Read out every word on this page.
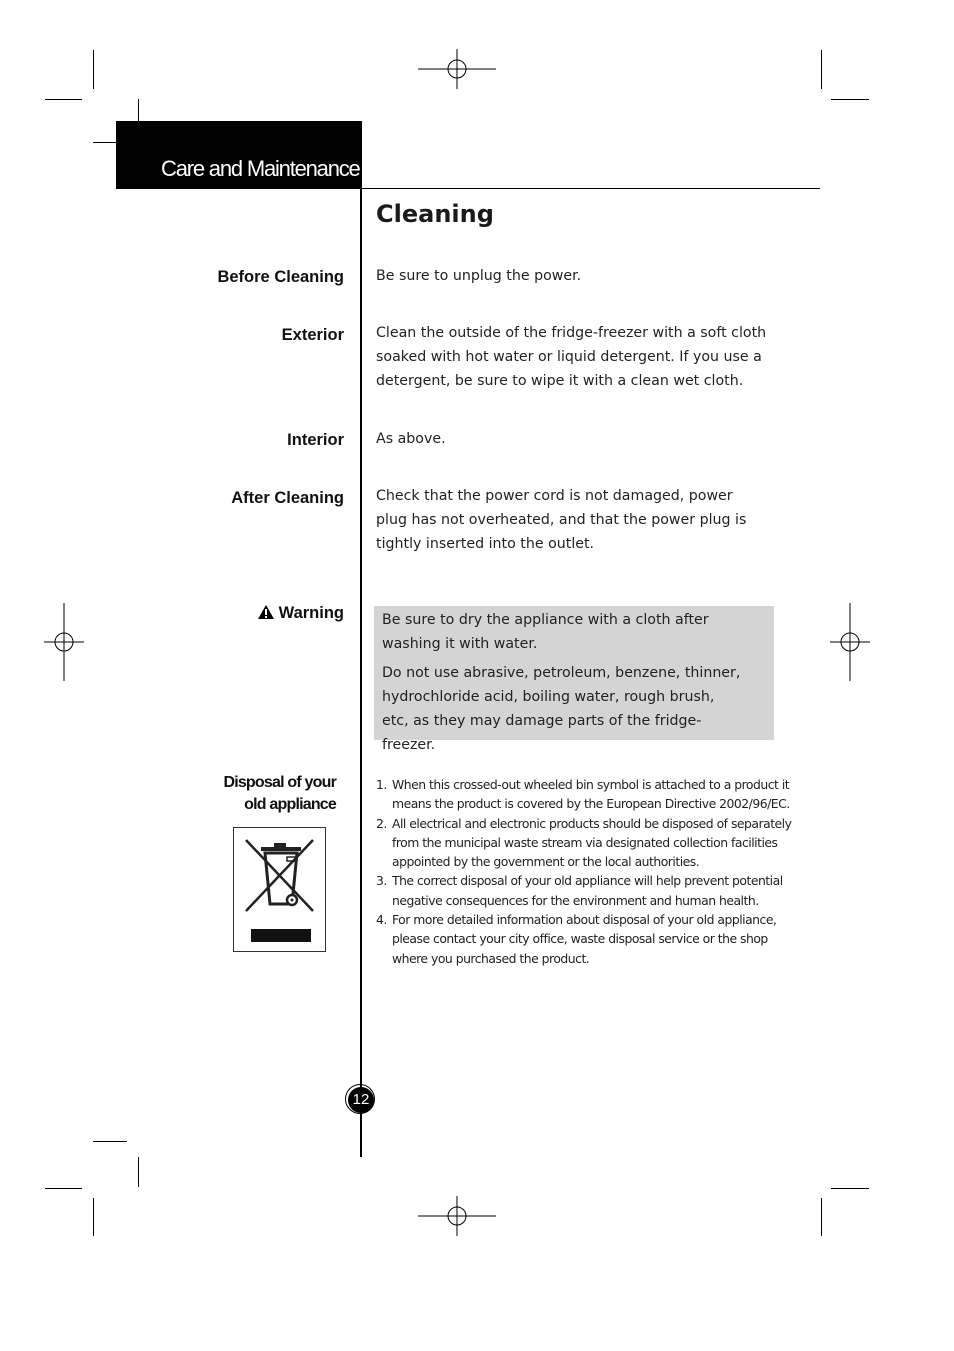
Care and Maintenance
Cleaning
Before Cleaning Be sure to unplug the power.
Exterior Clean the outside of the fridge-freezer with a soft cloth soaked with hot water or liquid detergent. If you use a detergent, be sure to wipe it with a clean wet cloth.
Interior As above.
After Cleaning Check that the power cord is not damaged, power plug has not overheated, and that the power plug is tightly inserted into the outlet.
Warning	Be sure to dry the appliance with a cloth after washing it with water.
Do not use abrasive, petroleum, benzene, thinner, hydrochloride acid, boiling water, rough brush, etc, as they may damage parts of the fridge-freezer.
Disposal of your
old appliance
1. When this crossed-out wheeled bin symbol is attached to a product it means the product is covered by the European Directive 2002/96/EC.
2. All electrical and electronic products should be disposed of separately from the municipal waste stream via designated collection facilities appointed by the government or the local authorities.
3. The correct disposal of your old appliance will help prevent potential negative consequences for the environment and human health.
4. For more detailed information about disposal of your old appliance, please contact your city office, waste disposal service or the shop where you purchased the product.
12
